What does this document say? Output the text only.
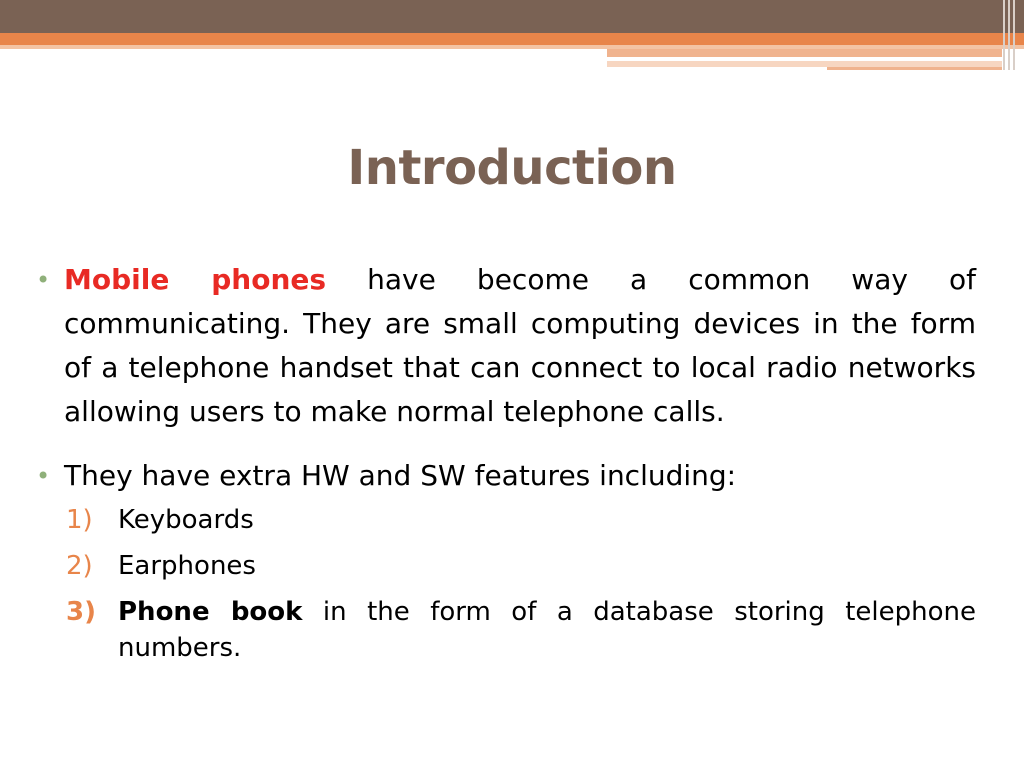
Introduction
• Mobile phones have become a common way of communicating. They are small computing devices in the form of a telephone handset that can connect to local radio networks allowing users to make normal telephone calls.
• They have extra HW and SW features including:
1) Keyboards
2) Earphones
3) Phone book in the form of a database storing telephone numbers.
